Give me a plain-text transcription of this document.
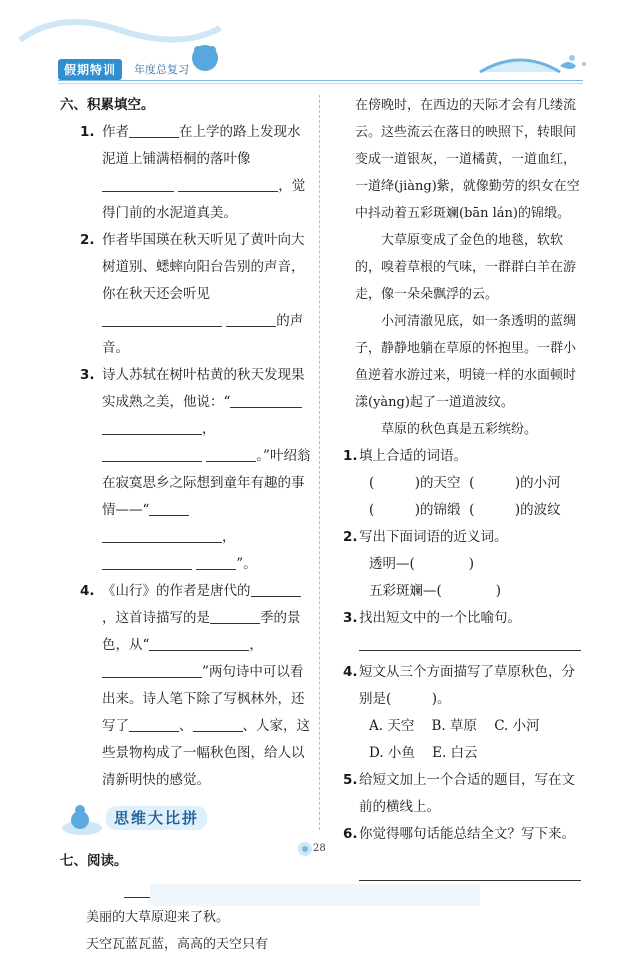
假期特训	年度总复习
六、积累填空。
1. 作者	在上学的路上发现水泥道上铺满梧桐的落叶像 ，觉得门前的水泥道真美。
2. 作者毕国瑛在秋天听见了黄叶向大树道别、蟋蟀向阳台告别的声音，你在秋天还会听见 的声音。
3. 诗人苏轼在树叶枯黄的秋天发现果实成熟之美，他说：“ ， 。”叶绍翁在寂寞思乡之际想到童年有趣的事情——“ ， ”。
4. 《山行》的作者是唐代的，这首诗描写的是	季的景色，从“	，”两句诗中可以看出来。诗人笔下除了写枫林外，还写了	、	、人家，这些景物构成了一幅秋色图，给人以清新明快的感觉。
思维大比拼
七、阅读。

美丽的大草原迎来了秋。

天空瓦蓝瓦蓝，高高的天空只有

在傍晚时，在西边的天际才会有几缕流云。这些流云在落日的映照下，转眼间变成一道银灰，一道橘黄，一道血红，一道绛(jiàng)紫，就像勤劳的织女在空中抖动着五彩斑斓(bān lán)的锦缎。

大草原变成了金色的地毯，软软的，嗅着草根的气味，一群群白羊在游走，像一朵朵飘浮的云。

小河清澈见底，如一条透明的蓝绸子，静静地躺在草原的怀抱里。一群小鱼逆着水游过来，明镜一样的水面顿时漾(yàng)起了一道道波纹。

草原的秋色真是五彩缤纷。

1. 填上合适的词语。
(　　　)的天空 (　　　)的小河
(　　　)的锦缎 (　　　)的波纹
2. 写出下面词语的近义词。
透明—(　　　　)
五彩斑斓—(　　　　)
3. 找出短文中的一个比喻句。
4. 短文从三个方面描写了草原秋色，分别是(　　　)。
A. 天空 B. 草原 C. 小河
D. 小鱼 E. 白云
5. 给短文加上一个合适的题目，写在文前的横线上。
6. 你觉得哪句话能总结全文？写下来。
28
